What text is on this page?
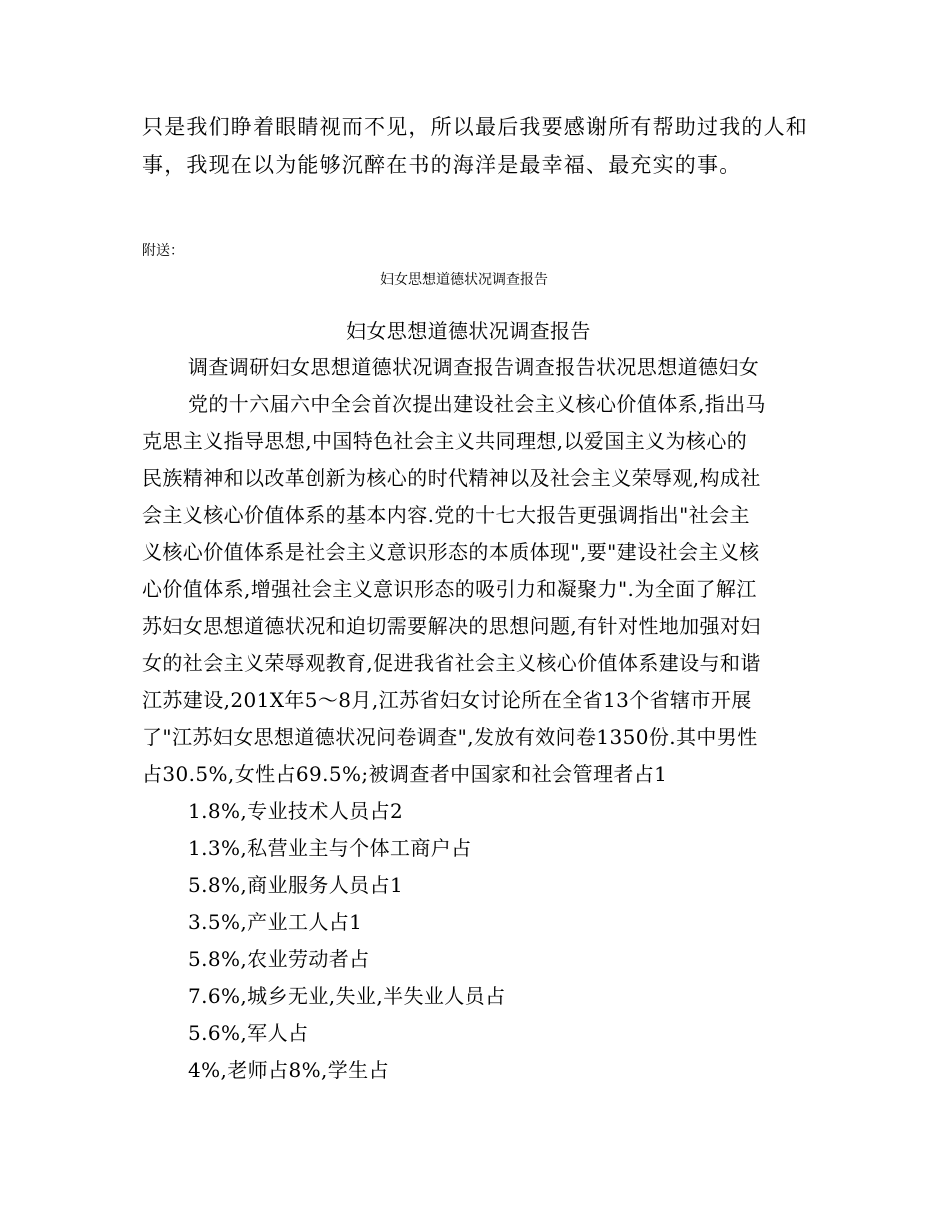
只是我们睁着眼睛视而不见，所以最后我要感谢所有帮助过我的人和

事，我现在以为能够沉醉在书的海洋是最幸福、最充实的事。

附送：

妇女思想道德状况调查报告

妇女思想道德状况调查报告

调查调研妇女思想道德状况调查报告调查报告状况思想道德妇女

党的十六届六中全会首次提出建设社会主义核心价值体系,指出马

克思主义指导思想,中国特色社会主义共同理想,以爱国主义为核心的

民族精神和以改革创新为核心的时代精神以及社会主义荣辱观,构成社

会主义核心价值体系的基本内容.党的十七大报告更强调指出"社会主

义核心价值体系是社会主义意识形态的本质体现",要"建设社会主义核

心价值体系,增强社会主义意识形态的吸引力和凝聚力".为全面了解江

苏妇女思想道德状况和迫切需要解决的思想问题,有针对性地加强对妇

女的社会主义荣辱观教育,促进我省社会主义核心价值体系建设与和谐

江苏建设,201X年5～8月,江苏省妇女讨论所在全省13个省辖市开展

了"江苏妇女思想道德状况问卷调查",发放有效问卷1350份.其中男性

占30.5%,女性占69.5%;被调查者中国家和社会管理者占1

1.8%,专业技术人员占2

1.3%,私营业主与个体工商户占

5.8%,商业服务人员占1

3.5%,产业工人占1

5.8%,农业劳动者占

7.6%,城乡无业,失业,半失业人员占

5.6%,军人占

4%,老师占8%,学生占
